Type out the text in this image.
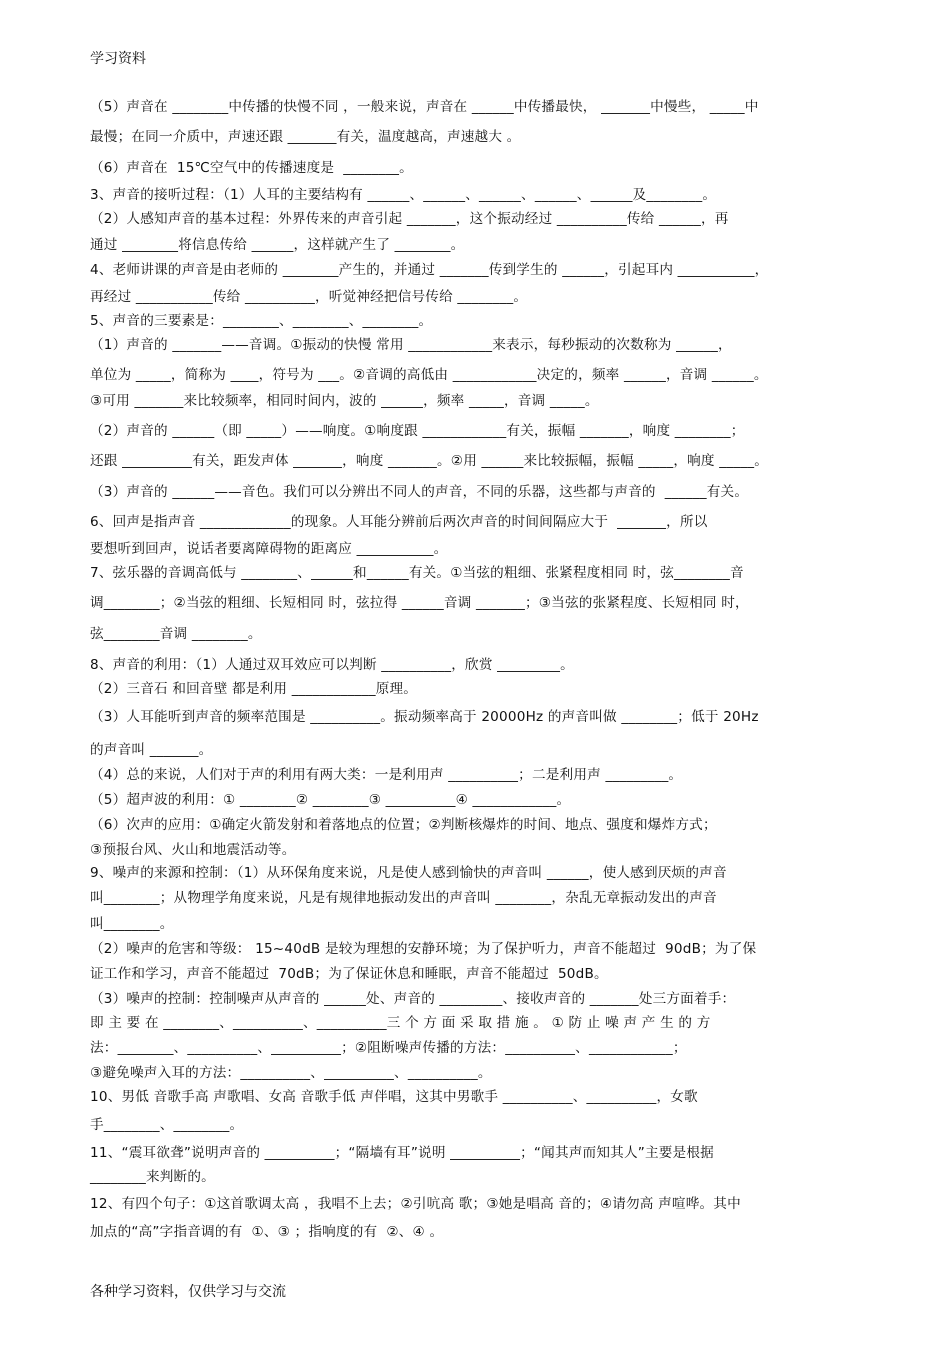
学习资料
（5）声音在 ________中传播的快慢不同 ，一般来说，声音在 ______中传播最快， _______中慢些， _____中
最慢；在同一介质中，声速还跟 _______有关，温度越高，声速越大 。
（6）声音在  15℃空气中的传播速度是  ________。
3、声音的接听过程：（1）人耳的主要结构有 ______、______、______、______、______及________。
（2）人感知声音的基本过程：外界传来的声音引起 _______，这个振动经过 __________传给 ______，再
通过 ________将信息传给 ______，这样就产生了 ________。
4、老师讲课的声音是由老师的 ________产生的，并通过 _______传到学生的 ______，引起耳内 ___________，
再经过 ___________传给 __________，听觉神经把信号传给 ________。
5、声音的三要素是：________、________、________。
（1）声音的 _______——音调。①振动的快慢 常用 ____________来表示，每秒振动的次数称为 ______，
单位为 _____，简称为 ____，符号为 ___。②音调的高低由 ____________决定的，频率 ______，音调 ______。
③可用 _______来比较频率，相同时间内，波的 ______，频率 _____，音调 _____。
（2）声音的 ______（即 _____）——响度。①响度跟 ____________有关，振幅 _______，响度 ________；
还跟 __________有关，距发声体 _______，响度 _______。②用 ______来比较振幅，振幅 _____，响度 _____。
（3）声音的 ______——音色。我们可以分辨出不同人的声音，不同的乐器，这些都与声音的  ______有关。
6、回声是指声音 _____________的现象。人耳能分辨前后两次声音的时间间隔应大于  _______，所以
要想听到回声，说话者要离障碍物的距离应 ___________。
7、弦乐器的音调高低与 ________、______和______有关。①当弦的粗细、张紧程度相同 时，弦________音
调________；②当弦的粗细、长短相同 时，弦拉得 ______音调 _______；③当弦的张紧程度、长短相同 时，
弦________音调 ________。
8、声音的利用：（1）人通过双耳效应可以判断 __________，欣赏 _________。
（2）三音石 和回音壁 都是利用 ____________原理。
（3）人耳能听到声音的频率范围是 __________。振动频率高于 20000Hz 的声音叫做 ________；低于 20Hz
的声音叫 _______。
（4）总的来说，人们对于声的利用有两大类：一是利用声 __________；二是利用声 _________。
（5）超声波的利用：① ________② ________③ __________④ ____________。
（6）次声的应用：①确定火箭发射和着落地点的位置；②判断核爆炸的时间、地点、强度和爆炸方式；
③预报台风、火山和地震活动等。
9、噪声的来源和控制：（1）从环保角度来说，凡是使人感到愉快的声音叫 ______，使人感到厌烦的声音
叫________；从物理学角度来说，凡是有规律地振动发出的声音叫 ________，杂乱无章振动发出的声音
叫________。
（2）噪声的危害和等级： 15~40dB 是较为理想的安静环境；为了保护听力，声音不能超过  90dB；为了保
证工作和学习，声音不能超过  70dB；为了保证休息和睡眠，声音不能超过  50dB。
（3）噪声的控制：控制噪声从声音的 ______处、声音的 _________、接收声音的 _______处三方面着手：
即 主 要 在 ________、__________、__________三 个 方 面 采 取 措 施 。 ① 防 止 噪 声 产 生 的 方
法：________、__________、__________；②阻断噪声传播的方法：__________、____________；
③避免噪声入耳的方法：__________、__________、__________。
10、男低 音歌手高 声歌唱、女高 音歌手低 声伴唱，这其中男歌手 __________、__________，女歌
手________、________。
11、“震耳欲聋”说明声音的 __________；“隔墙有耳”说明 __________；“闻其声而知其人”主要是根据
________来判断的。
12、有四个句子：①这首歌调太高 ，我唱不上去；②引吭高 歌；③她是唱高 音的；④请勿高 声喧哗。其中
加点的“高”字指音调的有  ①、③ ；指响度的有  ②、④ 。
各种学习资料，仅供学习与交流
